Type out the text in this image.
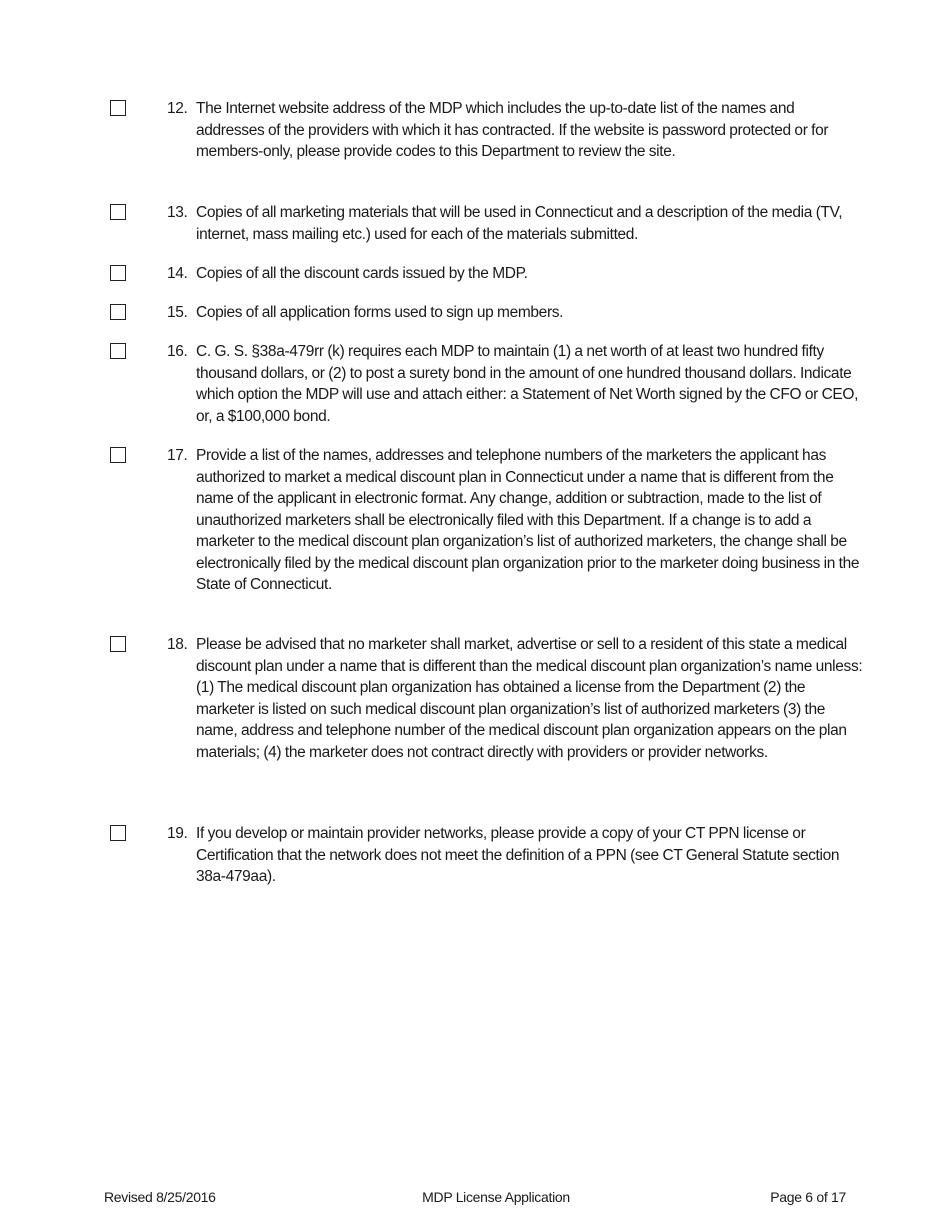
12. The Internet website address of the MDP which includes the up-to-date list of the names and addresses of the providers with which it has contracted. If the website is password protected or for members-only, please provide codes to this Department to review the site.
13. Copies of all marketing materials that will be used in Connecticut and a description of the media (TV, internet, mass mailing etc.) used for each of the materials submitted.
14. Copies of all the discount cards issued by the MDP.
15. Copies of all application forms used to sign up members.
16. C. G. S. §38a-479rr (k) requires each MDP to maintain (1) a net worth of at least two hundred fifty thousand dollars, or (2) to post a surety bond in the amount of one hundred thousand dollars. Indicate which option the MDP will use and attach either: a Statement of Net Worth signed by the CFO or CEO, or, a $100,000 bond.
17. Provide a list of the names, addresses and telephone numbers of the marketers the applicant has authorized to market a medical discount plan in Connecticut under a name that is different from the name of the applicant in electronic format. Any change, addition or subtraction, made to the list of unauthorized marketers shall be electronically filed with this Department. If a change is to add a marketer to the medical discount plan organization’s list of authorized marketers, the change shall be electronically filed by the medical discount plan organization prior to the marketer doing business in the State of Connecticut.
18. Please be advised that no marketer shall market, advertise or sell to a resident of this state a medical discount plan under a name that is different than the medical discount plan organization’s name unless: (1) The medical discount plan organization has obtained a license from the Department (2) the marketer is listed on such medical discount plan organization’s list of authorized marketers (3) the name, address and telephone number of the medical discount plan organization appears on the plan materials; (4) the marketer does not contract directly with providers or provider networks.
19. If you develop or maintain provider networks, please provide a copy of your CT PPN license or Certification that the network does not meet the definition of a PPN (see CT General Statute section 38a-479aa).
Revised 8/25/2016	MDP License Application	Page 6 of 17
